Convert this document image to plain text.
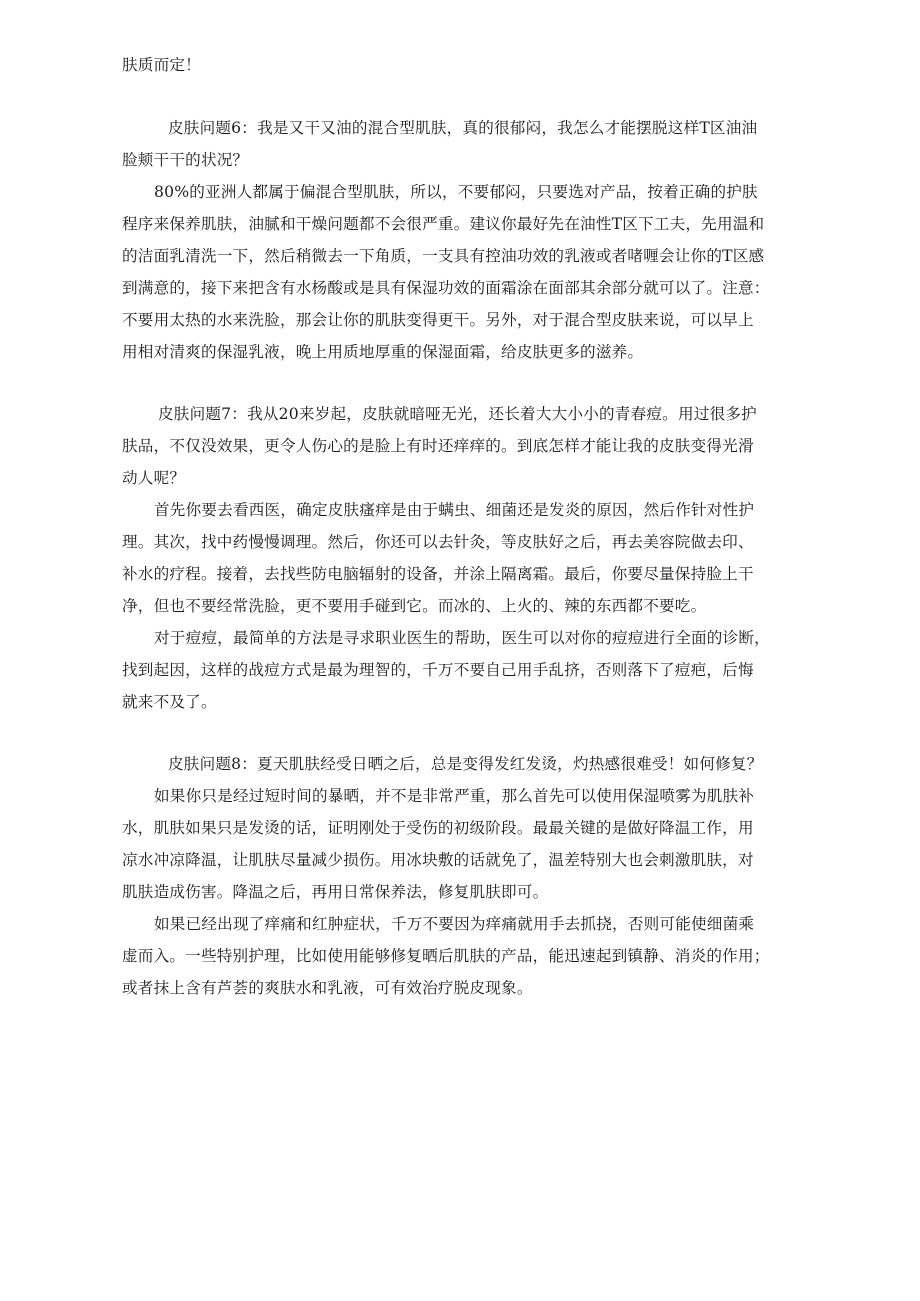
肤质而定！
皮肤问题6：我是又干又油的混合型肌肤，真的很郁闷，我怎么才能摆脱这样T区油油
脸颊干干的状况？
80%的亚洲人都属于偏混合型肌肤，所以，不要郁闷，只要选对产品，按着正确的护肤
程序来保养肌肤，油腻和干燥问题都不会很严重。建议你最好先在油性T区下工夫，先用温和
的洁面乳清洗一下，然后稍微去一下角质，一支具有控油功效的乳液或者啫喱会让你的T区感
到满意的，接下来把含有水杨酸或是具有保湿功效的面霜涂在面部其余部分就可以了。注意：
不要用太热的水来洗脸，那会让你的肌肤变得更干。另外，对于混合型皮肤来说，可以早上
用相对清爽的保湿乳液，晚上用质地厚重的保湿面霜，给皮肤更多的滋养。
皮肤问题7：我从20来岁起，皮肤就暗哑无光，还长着大大小小的青春痘。用过很多护
肤品，不仅没效果，更令人伤心的是脸上有时还痒痒的。到底怎样才能让我的皮肤变得光滑
动人呢？
首先你要去看西医，确定皮肤瘙痒是由于螨虫、细菌还是发炎的原因，然后作针对性护
理。其次，找中药慢慢调理。然后，你还可以去针灸，等皮肤好之后，再去美容院做去印、
补水的疗程。接着，去找些防电脑辐射的设备，并涂上隔离霜。最后，你要尽量保持脸上干
净，但也不要经常洗脸，更不要用手碰到它。而冰的、上火的、辣的东西都不要吃。
对于痘痘，最简单的方法是寻求职业医生的帮助，医生可以对你的痘痘进行全面的诊断，
找到起因，这样的战痘方式是最为理智的，千万不要自己用手乱挤，否则落下了痘疤，后悔
就来不及了。
皮肤问题8：夏天肌肤经受日晒之后，总是变得发红发烫，灼热感很难受！如何修复？
如果你只是经过短时间的暴晒，并不是非常严重，那么首先可以使用保湿喷雾为肌肤补
水，肌肤如果只是发烫的话，证明刚处于受伤的初级阶段。最最关键的是做好降温工作，用
凉水冲凉降温，让肌肤尽量减少损伤。用冰块敷的话就免了，温差特别大也会刺激肌肤，对
肌肤造成伤害。降温之后，再用日常保养法，修复肌肤即可。
如果已经出现了痒痛和红肿症状，千万不要因为痒痛就用手去抓挠，否则可能使细菌乘
虚而入。一些特别护理，比如使用能够修复晒后肌肤的产品，能迅速起到镇静、消炎的作用；
或者抹上含有芦荟的爽肤水和乳液，可有效治疗脱皮现象。
